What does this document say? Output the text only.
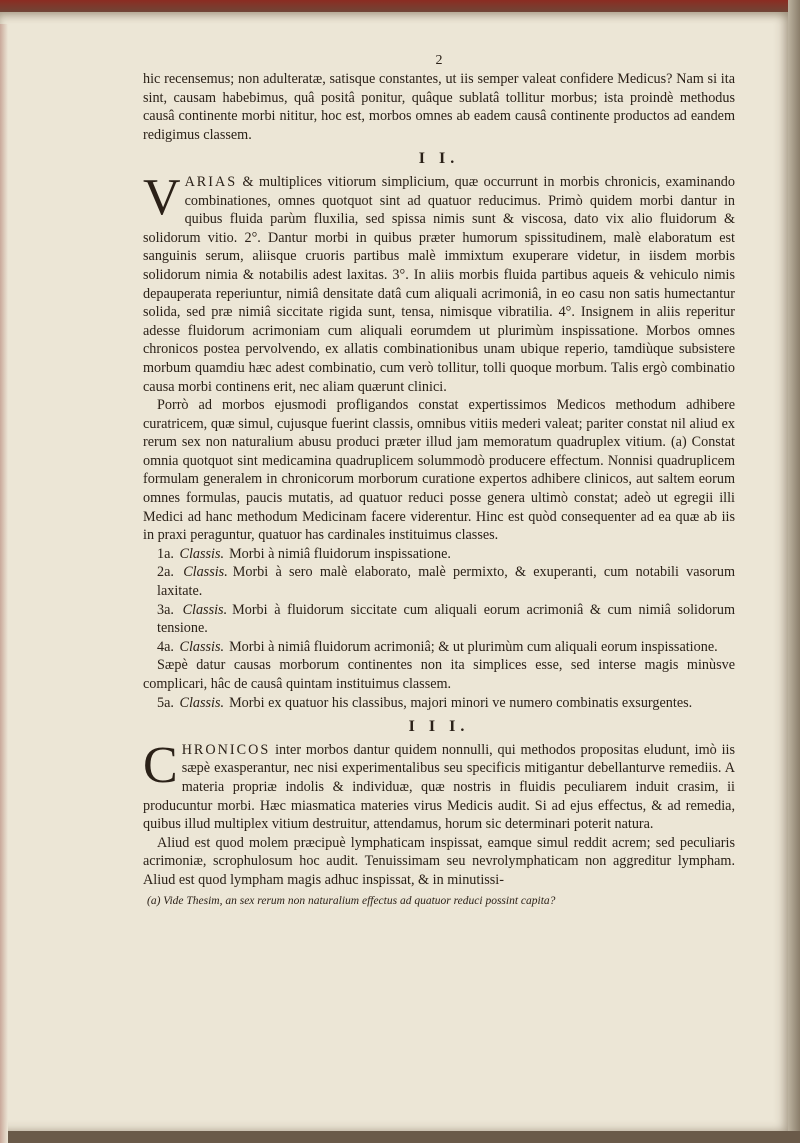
2

hic recensemus; non adulteratæ, satisque constantes, ut iis semper valeat confidere Medicus? Nam si ita sint, causam habebimus, quâ positâ ponitur, quâque sublatâ tollitur morbus; ista proindè methodus causâ continente morbi nititur, hoc est, morbos omnes ab eadem causâ continente productos ad eandem redigimus classem.

I I.

VARIAS & multiplices vitiorum simplicium, quæ occurrunt in morbis chronicis, examinando combinationes, omnes quotquot sint ad quatuor reducimus. Primò quidem morbi dantur in quibus fluida parùm fluxilia, sed spissa nimis sunt & viscosa, dato vix alio fluidorum & solidorum vitio. 2°. Dantur morbi in quibus præter humorum spissitudinem, malè elaboratum est sanguinis serum, aliisque cruoris partibus malè immixtum exuperare videtur, in iisdem morbis solidorum nimia & notabilis adest laxitas. 3°. In aliis morbis fluida partibus aqueis & vehiculo nimis depauperata reperiuntur, nimiâ densitate datâ cum aliquali acrimoniâ, in eo casu non satis humectantur solida, sed præ nimiâ siccitate rigida sunt, tensa, nimisque vibratilia. 4°. Insignem in aliis reperitur adesse fluidorum acrimoniam cum aliquali eorumdem ut plurimùm inspissatione. Morbos omnes chronicos postea pervolvendo, ex allatis combinationibus unam ubique reperio, tamdiùque subsistere morbum quamdiu hæc adest combinatio, cum verò tollitur, tolli quoque morbum. Talis ergò combinatio causa morbi continens erit, nec aliam quærunt clinici.

Porrò ad morbos ejusmodi profligandos constat expertissimos Medicos methodum adhibere curatricem, quæ simul, cujusque fuerint classis, omnibus vitiis mederi valeat; pariter constat nil aliud ex rerum sex non naturalium abusu produci præter illud jam memoratum quadruplex vitium. (a) Constat omnia quotquot sint medicamina quadruplicem solummodò producere effectum. Nonnisi quadruplicem formulam generalem in chronicorum morborum curatione expertos adhibere clinicos, aut saltem eorum omnes formulas, paucis mutatis, ad quatuor reduci posse genera ultimò constat; adeò ut egregii illi Medici ad hanc methodum Medicinam facere viderentur. Hinc est quòd consequenter ad ea quæ ab iis in praxi peraguntur, quatuor has cardinales instituimus classes.

1a. Classis. Morbi à nimiâ fluidorum inspissatione.

2a. Classis. Morbi à sero malè elaborato, malè permixto, & exuperanti, cum notabili vasorum laxitate.

3a. Classis. Morbi à fluidorum siccitate cum aliquali eorum acrimoniâ & cum nimiâ solidorum tensione.

4a. Classis. Morbi à nimiâ fluidorum acrimoniâ; & ut plurimùm cum aliquali eorum inspissatione.

Sæpè datur causas morborum continentes non ita simplices esse, sed interse magis minùsve complicari, hâc de causâ quintam instituimus classem.

5a. Classis. Morbi ex quatuor his classibus, majori minori ve numero combinatis exsurgentes.

I I I.

CHRONICOS inter morbos dantur quidem nonnulli, qui methodos propositas eludunt, imò iis sæpè exasperantur, nec nisi experimentalibus seu specificis mitigantur debellanturve remediis. A materia propriæ indolis & individuæ, quæ nostris in fluidis peculiarem induit crasim, ii producuntur morbi. Hæc miasmatica materies virus Medicis audit. Si ad ejus effectus, & ad remedia, quibus illud multiplex vitium destruitur, attendamus, horum sic determinari poterit natura.

Aliud est quod molem præcipuè lymphaticam inspissat, eamque simul reddit acrem; sed peculiaris acrimoniæ, scrophulosum hoc audit. Tenuissimam seu nevrolymphaticam non aggreditur lympham. Aliud est quod lympham magis adhuc inspissat, & in minutissi-

(a) Vide Thesim, an sex rerum non naturalium effectus ad quatuor reduci possint capita?
